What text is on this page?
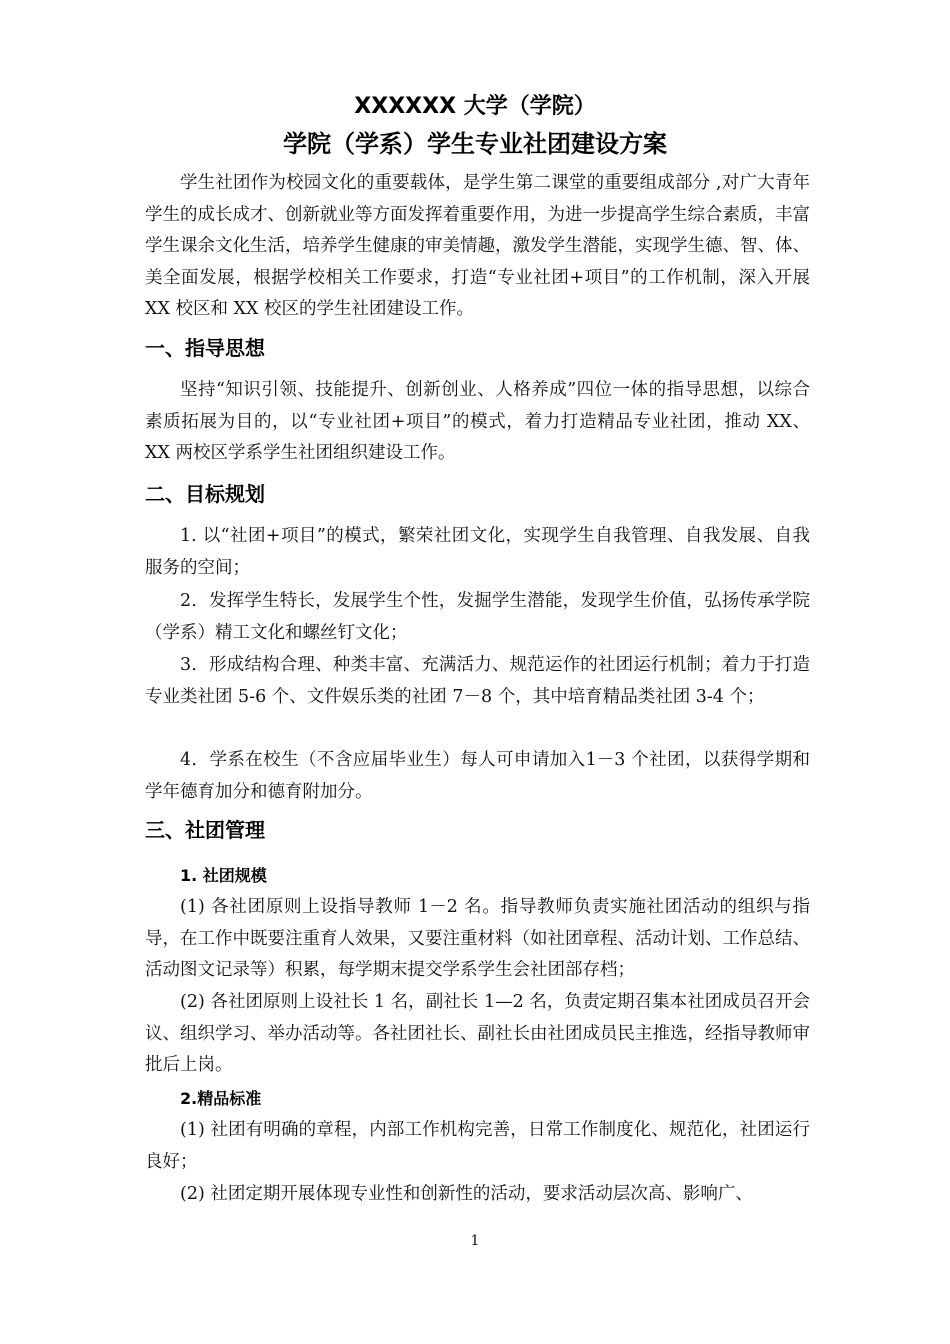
XXXXXX 大学（学院）
学院（学系）学生专业社团建设方案

学生社团作为校园文化的重要载体，是学生第二课堂的重要组成部分 ,对广大青年学生的成长成才、创新就业等方面发挥着重要作用，为进一步提高学生综合素质，丰富学生课余文化生活，培养学生健康的审美情趣，激发学生潜能，实现学生德、智、体、美全面发展，根据学校相关工作要求，打造“专业社团+项目”的工作机制，深入开展 XX 校区和 XX 校区的学生社团建设工作。

一、指导思想

坚持“知识引领、技能提升、创新创业、人格养成”四位一体的指导思想，以综合素质拓展为目的，以“专业社团+项目”的模式，着力打造精品专业社团，推动 XX、XX 两校区学系学生社团组织建设工作。

二、目标规划

1. 以“社团+项目”的模式，繁荣社团文化，实现学生自我管理、自我发展、自我服务的空间；

2．发挥学生特长，发展学生个性，发掘学生潜能，发现学生价值，弘扬传承学院（学系）精工文化和螺丝钉文化；

3．形成结构合理、种类丰富、充满活力、规范运作的社团运行机制；着力于打造专业类社团 5-6 个、文件娱乐类的社团 7－8 个，其中培育精品类社团 3-4 个；

4．学系在校生（不含应届毕业生）每人可申请加入1－3 个社团，以获得学期和学年德育加分和德育附加分。

三、社团管理
1. 社团规模

(1) 各社团原则上设指导教师 1－2 名。指导教师负责实施社团活动的组织与指导，在工作中既要注重育人效果，又要注重材料（如社团章程、活动计划、工作总结、活动图文记录等）积累，每学期末提交学系学生会社团部存档；

(2) 各社团原则上设社长 1 名，副社长 1—2 名，负责定期召集本社团成员召开会议、组织学习、举办活动等。各社团社长、副社长由社团成员民主推选，经指导教师审批后上岗。

2.精品标准

(1) 社团有明确的章程，内部工作机构完善，日常工作制度化、规范化，社团运行良好；

(2) 社团定期开展体现专业性和创新性的活动，要求活动层次高、影响广、

1
